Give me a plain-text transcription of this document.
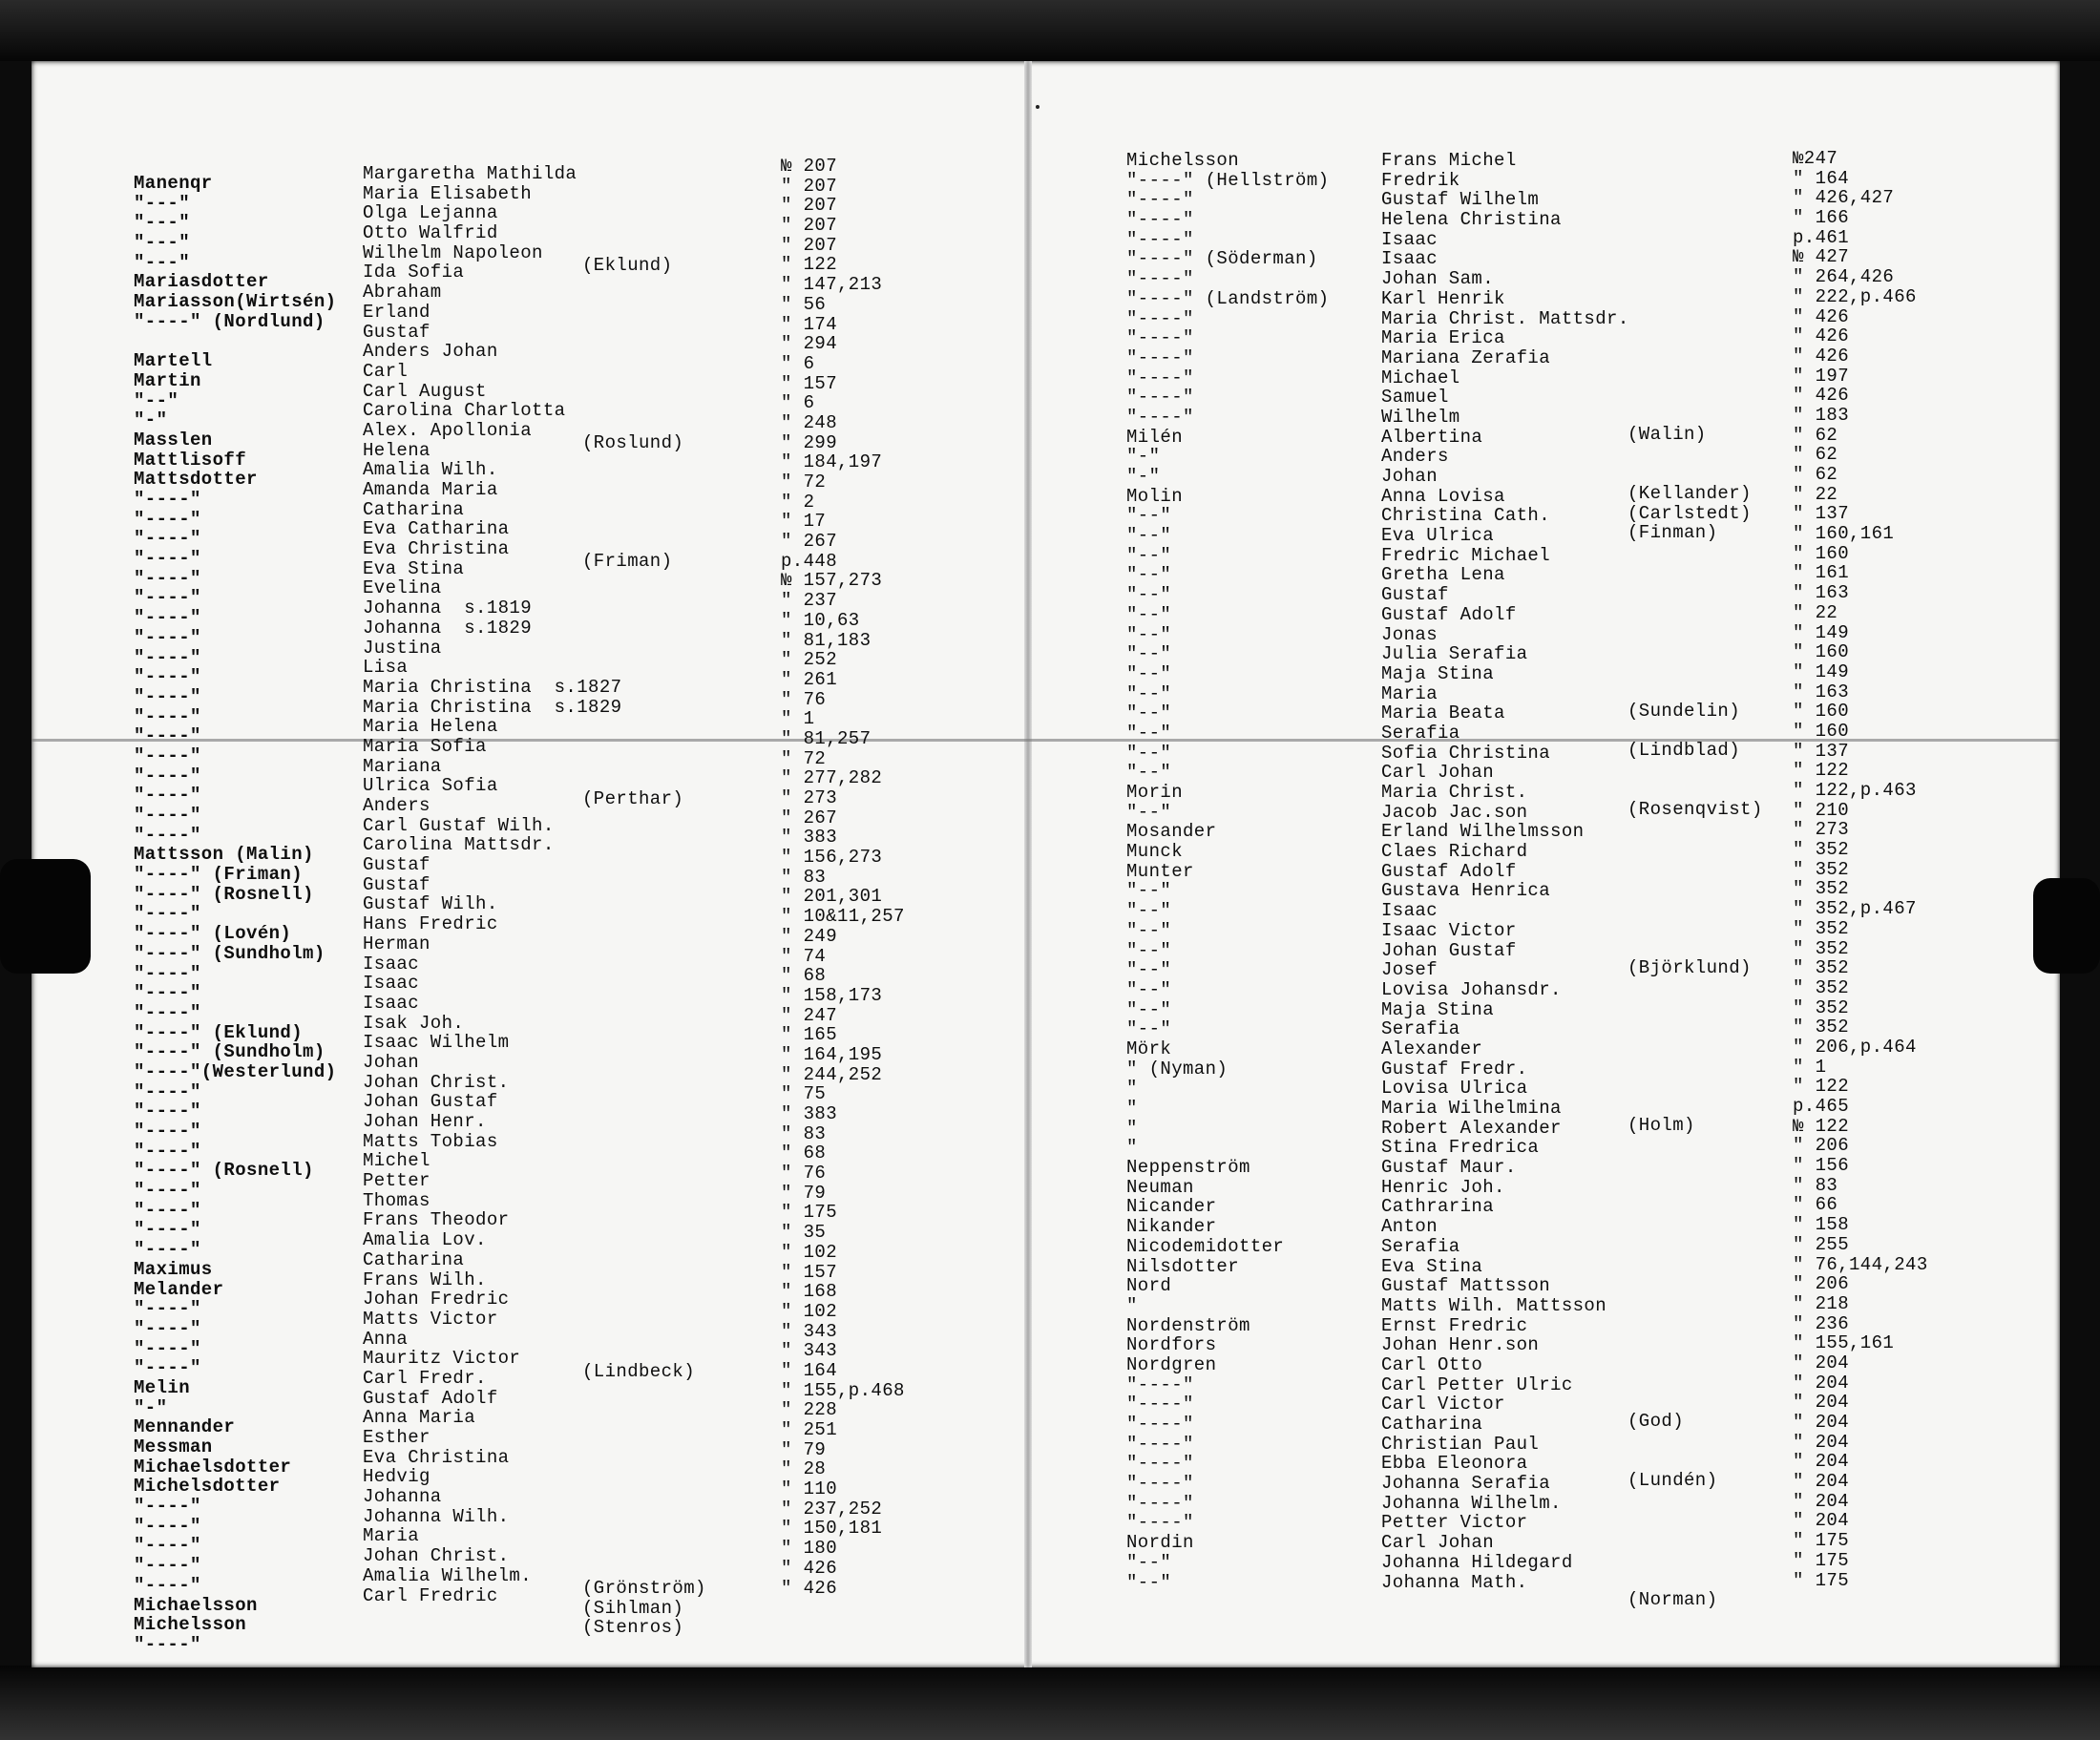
Manenqr
"---"
"---"
"---"
"---"
Mariasdotter
Mariasson(Wirtsén)
"----" (Nordlund)
Martell
Martin
"--"
"-"
Masslen
Mattlisoff
Mattsdotter
"----"
"----"
"----"
"----"
"----"
"----"
"----"
"----"
"----"
"----"
"----"
"----"
"----"
"----"
"----"
"----"
"----"
"----"
Mattsson (Malin)
"----" (Friman)
"----" (Rosnell)
"----"
"----" (Lovén)
"----" (Sundholm)
"----"
"----"
"----"
"----" (Eklund)
"----" (Sundholm)
"----"(Westerlund)
"----"
"----"
"----"
"----"
"----" (Rosnell)
"----"
"----"
"----"
"----"
Maximus
Melander
"----"
"----"
"----"
"----"
Melin
"-"
Mennander
Messman
Michaelsdotter
Michelsdotter
"----"
"----"
"----"
"----"
"----"
Michaelsson
Michelsson
"----"
Margaretha Mathilda
Maria Elisabeth
Olga Lejanna
Otto Walfrid
Wilhelm Napoleon
Ida Sofia
Abraham
Erland
Gustaf
Anders Johan
Carl
Carl August
Carolina Charlotta
Alex. Apollonia
Helena
Amalia Wilh.
Amanda Maria
Catharina
Eva Catharina
Eva Christina
Eva Stina
Evelina
Johanna  s.1819
Johanna  s.1829
Justina
Lisa
Maria Christina  s.1827
Maria Christina  s.1829
Maria Helena
Maria Sofia
Mariana
Ulrica Sofia
Anders
Carl Gustaf Wilh.
Carolina Mattsdr.
Gustaf
Gustaf
Gustaf Wilh.
Hans Fredric
Herman
Isaac
Isaac
Isaac
Isak Joh.
Isaac Wilhelm
Johan
Johan Christ.
Johan Gustaf
Johan Henr.
Matts Tobias
Michel
Petter
Thomas
Frans Theodor
Amalia Lov.
Catharina
Frans Wilh.
Johan Fredric
Matts Victor
Anna
Mauritz Victor
Carl Fredr.
Gustaf Adolf
Anna Maria
Esther
Eva Christina
Hedvig
Johanna
Johanna Wilh.
Maria
Johan Christ.
Amalia Wilhelm.
Carl Fredric
(Eklund)
(Roslund)
(Friman)
(Perthar)
(Lindbeck)
(Grönström)
(Sihlman)
(Stenros)
№ 207
" 207
" 207
" 207
" 207
" 122
" 147,213
" 56
" 174
" 294
" 6
" 157
" 6
" 248
" 299
" 184,197
" 72
" 2
" 17
" 267
p.448
№ 157,273
" 237
" 10,63
" 81,183
" 252
" 261
" 76
" 1
" 81,257
" 72
" 277,282
" 273
" 267
" 383
" 156,273
" 83
" 201,301
" 10&11,257
" 249
" 74
" 68
" 158,173
" 247
" 165
" 164,195
" 244,252
" 75
" 383
" 83
" 68
" 76
" 79
" 175
" 35
" 102
" 157
" 168
" 102
" 343
" 343
" 164
" 155,p.468
" 228
" 251
" 79
" 28
" 110
" 237,252
" 150,181
" 180
" 426
" 426
Michelsson
"----" (Hellström)
"----"
"----"
"----"
"----" (Söderman)
"----"
"----" (Landström)
"----"
"----"
"----"
"----"
"----"
"----"
Milén
"-"
"-"
Molin
"--"
"--"
"--"
"--"
"--"
"--"
"--"
"--"
"--"
"--"
"--"
"--"
"--"
"--"
Morin
"--"
Mosander
Munck
Munter
"--"
"--"
"--"
"--"
"--"
"--"
"--"
"--"
Mörk
" (Nyman)
"
"
"
"
Neppenström
Neuman
Nicander
Nikander
Nicodemidotter
Nilsdotter
Nord
"
Nordenström
Nordfors
Nordgren
"----"
"----"
"----"
"----"
"----"
"----"
"----"
"----"
Nordin
"--"
"--"
Frans Michel
Fredrik
Gustaf Wilhelm
Helena Christina
Isaac
Isaac
Johan Sam.
Karl Henrik
Maria Christ. Mattsdr.
Maria Erica
Mariana Zerafia
Michael
Samuel
Wilhelm
Albertina
Anders
Johan
Anna Lovisa
Christina Cath.
Eva Ulrica
Fredric Michael
Gretha Lena
Gustaf
Gustaf Adolf
Jonas
Julia Serafia
Maja Stina
Maria
Maria Beata
Serafia
Sofia Christina
Carl Johan
Maria Christ.
Jacob Jac.son
Erland Wilhelmsson
Claes Richard
Gustaf Adolf
Gustava Henrica
Isaac
Isaac Victor
Johan Gustaf
Josef
Lovisa Johansdr.
Maja Stina
Serafia
Alexander
Gustaf Fredr.
Lovisa Ulrica
Maria Wilhelmina
Robert Alexander
Stina Fredrica
Gustaf Maur.
Henric Joh.
Cathrarina
Anton
Serafia
Eva Stina
Gustaf Mattsson
Matts Wilh. Mattsson
Ernst Fredric
Johan Henr.son
Carl Otto
Carl Petter Ulric
Carl Victor
Catharina
Christian Paul
Ebba Eleonora
Johanna Serafia
Johanna Wilhelm.
Petter Victor
Carl Johan
Johanna Hildegard
Johanna Math.
(Walin)
(Kellander)
(Carlstedt)
(Finman)
(Sundelin)
(Lindblad)
(Rosenqvist)
(Björklund)
(Holm)
(God)
(Lundén)
(Norman)
№247
" 164
" 426,427
" 166
p.461
№ 427
" 264,426
" 222,p.466
" 426
" 426
" 426
" 197
" 426
" 183
" 62
" 62
" 62
" 22
" 137
" 160,161
" 160
" 161
" 163
" 22
" 149
" 160
" 149
" 163
" 160
" 160
" 137
" 122
" 122,p.463
" 210
" 273
" 352
" 352
" 352
" 352,p.467
" 352
" 352
" 352
" 352
" 352
" 352
" 206,p.464
" 1
" 122
p.465
№ 122
" 206
" 156
" 83
" 66
" 158
" 255
" 76,144,243
" 206
" 218
" 236
" 155,161
" 204
" 204
" 204
" 204
" 204
" 204
" 204
" 204
" 204
" 175
" 175
" 175
